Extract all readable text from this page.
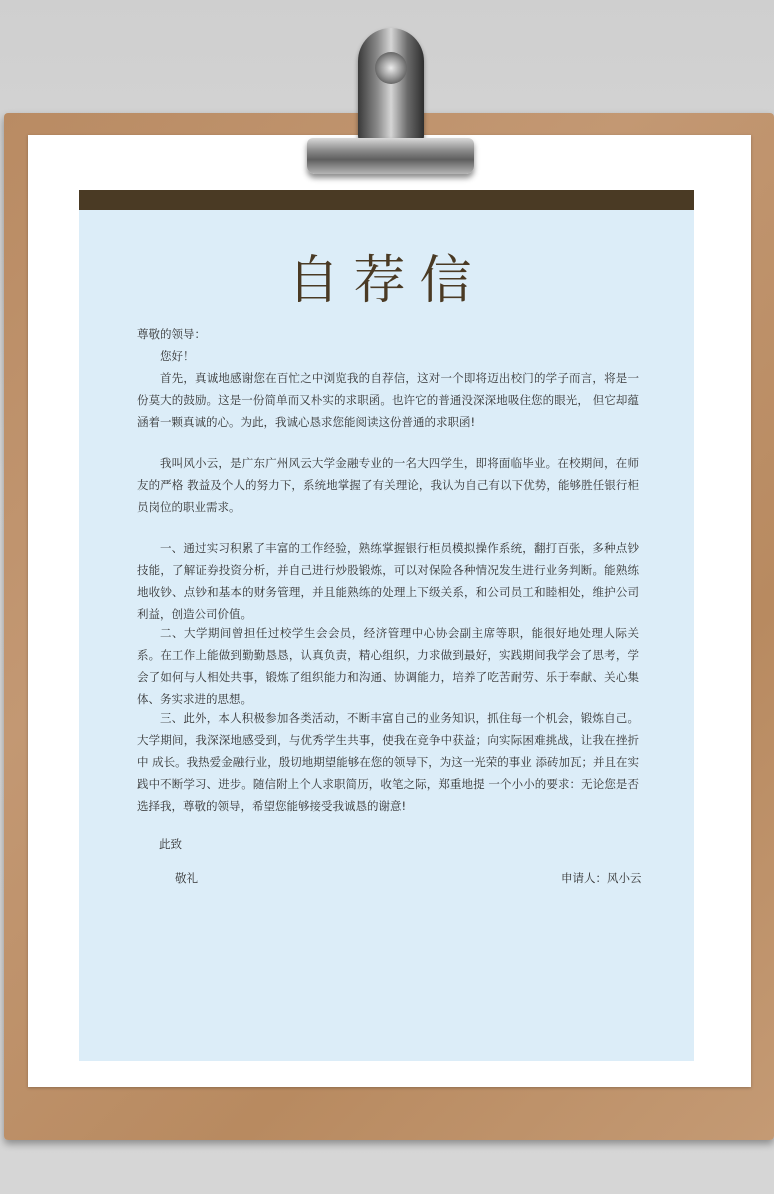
自荐信
尊敬的领导：
您好！
首先，真诚地感谢您在百忙之中浏览我的自荐信，这对一个即将迈出校门的学子而言，将是一份莫大的鼓励。这是一份简单而又朴实的求职函。也许它的普通没深深地吸住您的眼光， 但它却蕴涵着一颗真诚的心。为此，我诚心恳求您能阅读这份普通的求职函!
我叫风小云，是广东广州风云大学金融专业的一名大四学生，即将面临毕业。在校期间，在师友的严格 教益及个人的努力下，系统地掌握了有关理论，我认为自己有以下优势，能够胜任银行柜员岗位的职业需求。
一、通过实习积累了丰富的工作经验，熟练掌握银行柜员模拟操作系统，翻打百张，多种点钞技能，了解证券投资分析，并自己进行炒股锻炼，可以对保险各种情况发生进行业务判断。能熟练地收钞、点钞和基本的财务管理，并且能熟练的处理上下级关系，和公司员工和睦相处，维护公司利益，创造公司价值。
二、大学期间曾担任过校学生会会员，经济管理中心协会副主席等职，能很好地处理人际关系。在工作上能做到勤勤恳恳，认真负责，精心组织，力求做到最好，实践期间我学会了思考，学会了如何与人相处共事，锻炼了组织能力和沟通、协调能力，培养了吃苦耐劳、乐于奉献、关心集体、务实求进的思想。
三、此外，本人积极参加各类活动，不断丰富自己的业务知识，抓住每一个机会，锻炼自己。大学期间，我深深地感受到，与优秀学生共事，使我在竞争中获益；向实际困难挑战，让我在挫折中 成长。我热爱金融行业，殷切地期望能够在您的领导下，为这一光荣的事业 添砖加瓦；并且在实践中不断学习、进步。随信附上个人求职简历，收笔之际，郑重地提 一个小小的要求：无论您是否选择我，尊敬的领导，希望您能够接受我诚恳的谢意!
此致
敬礼	申请人：风小云
